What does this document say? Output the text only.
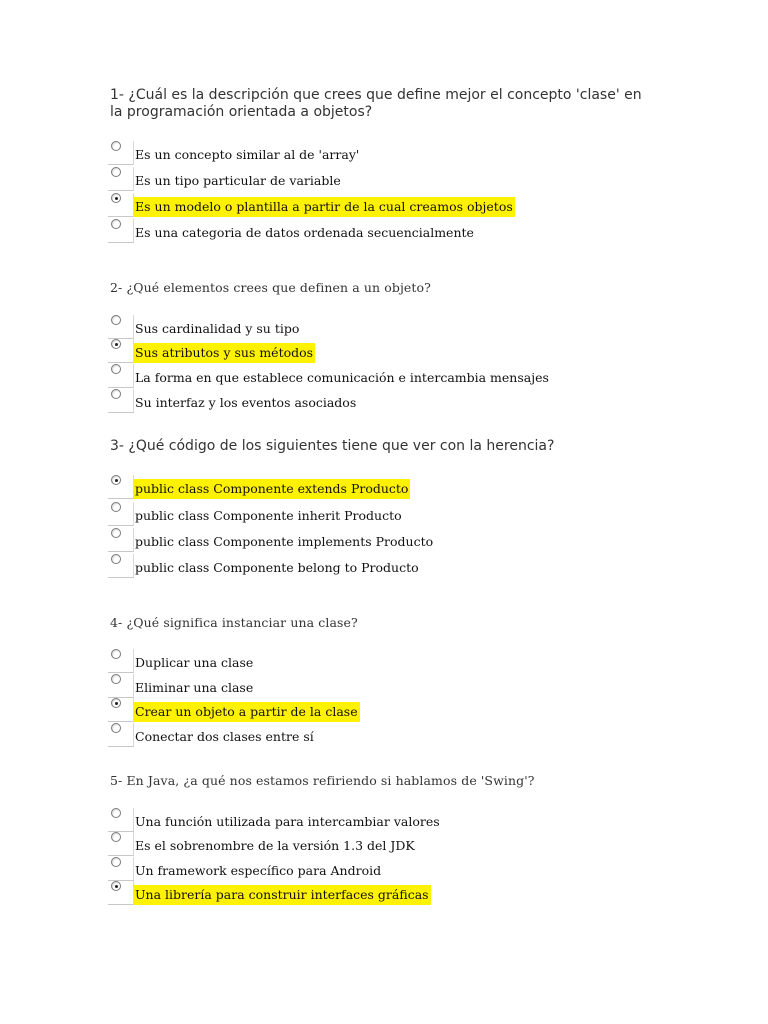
1- ¿Cuál es la descripción que crees que define mejor el concepto 'clase' en la programación orientada a objetos?

Es un concepto similar al de 'array'
Es un tipo particular de variable
Es un modelo o plantilla a partir de la cual creamos objetos
Es una categoria de datos ordenada secuencialmente

2- ¿Qué elementos crees que definen a un objeto?

Sus cardinalidad y su tipo
Sus atributos y sus métodos
La forma en que establece comunicación e intercambia mensajes
Su interfaz y los eventos asociados

3- ¿Qué código de los siguientes tiene que ver con la herencia?

public class Componente extends Producto
public class Componente inherit Producto
public class Componente implements Producto
public class Componente belong to Producto

4- ¿Qué significa instanciar una clase?

Duplicar una clase
Eliminar una clase
Crear un objeto a partir de la clase
Conectar dos clases entre sí

5- En Java, ¿a qué nos estamos refiriendo si hablamos de 'Swing'?

Una función utilizada para intercambiar valores
Es el sobrenombre de la versión 1.3 del JDK
Un framework específico para Android
Una librería para construir interfaces gráficas
